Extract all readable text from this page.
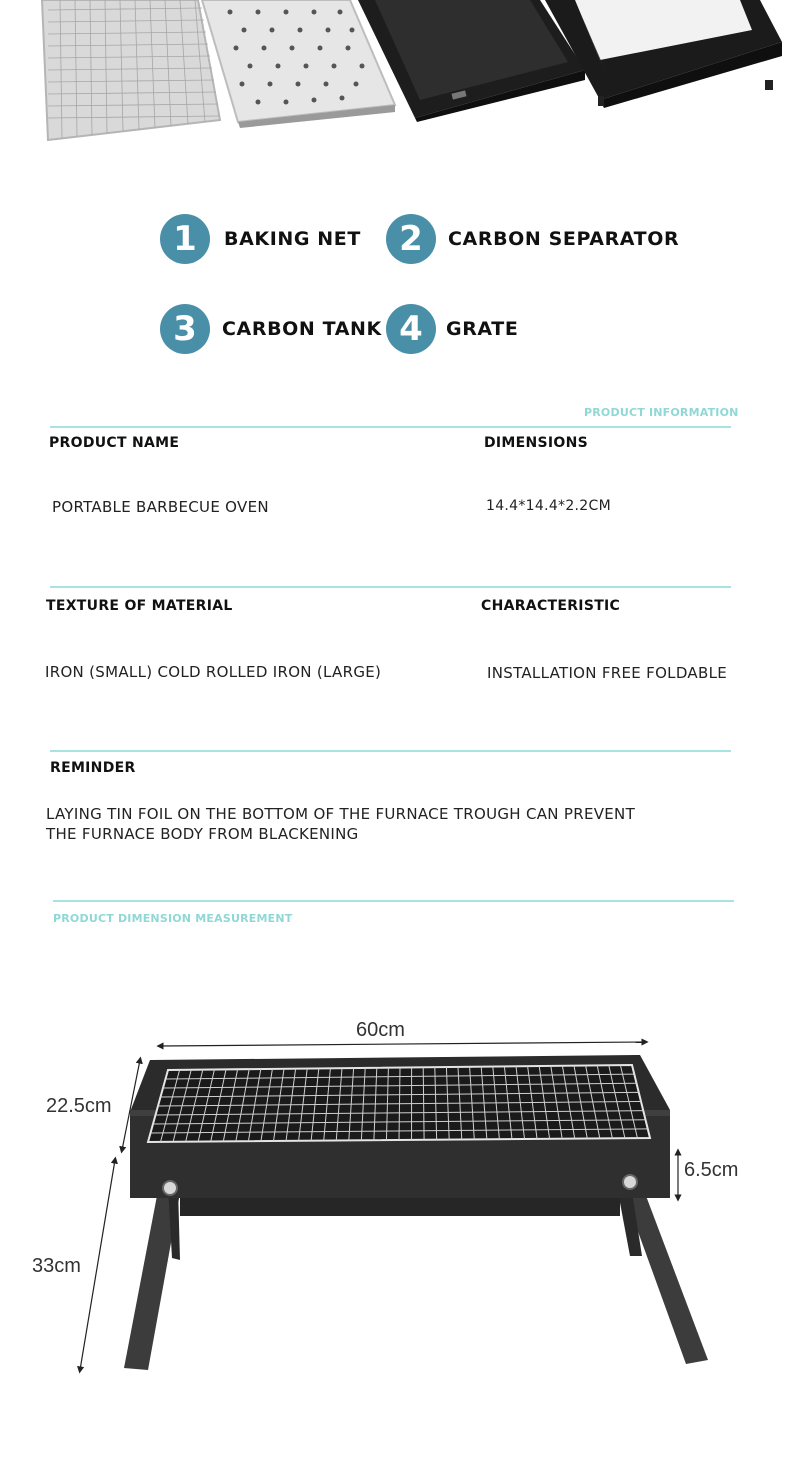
1	BAKING NET	2	CARBON SEPARATOR
3	CARBON TANK 4	GRATE
PRODUCT INFORMATION
PRODUCT NAME	DIMENSIONS
PORTABLE BARBECUE OVEN	14.4*14.4*2.2CM
TEXTURE OF MATERIAL	CHARACTERISTIC
IRON (SMALL) COLD ROLLED IRON (LARGE)	INSTALLATION FREE FOLDABLE
REMINDER
LAYING TIN FOIL ON THE BOTTOM OF THE FURNACE TROUGH CAN PREVENT
THE FURNACE BODY FROM BLACKENING
PRODUCT DIMENSION MEASUREMENT
60cm
22.5cm
6.5cm
33cm
